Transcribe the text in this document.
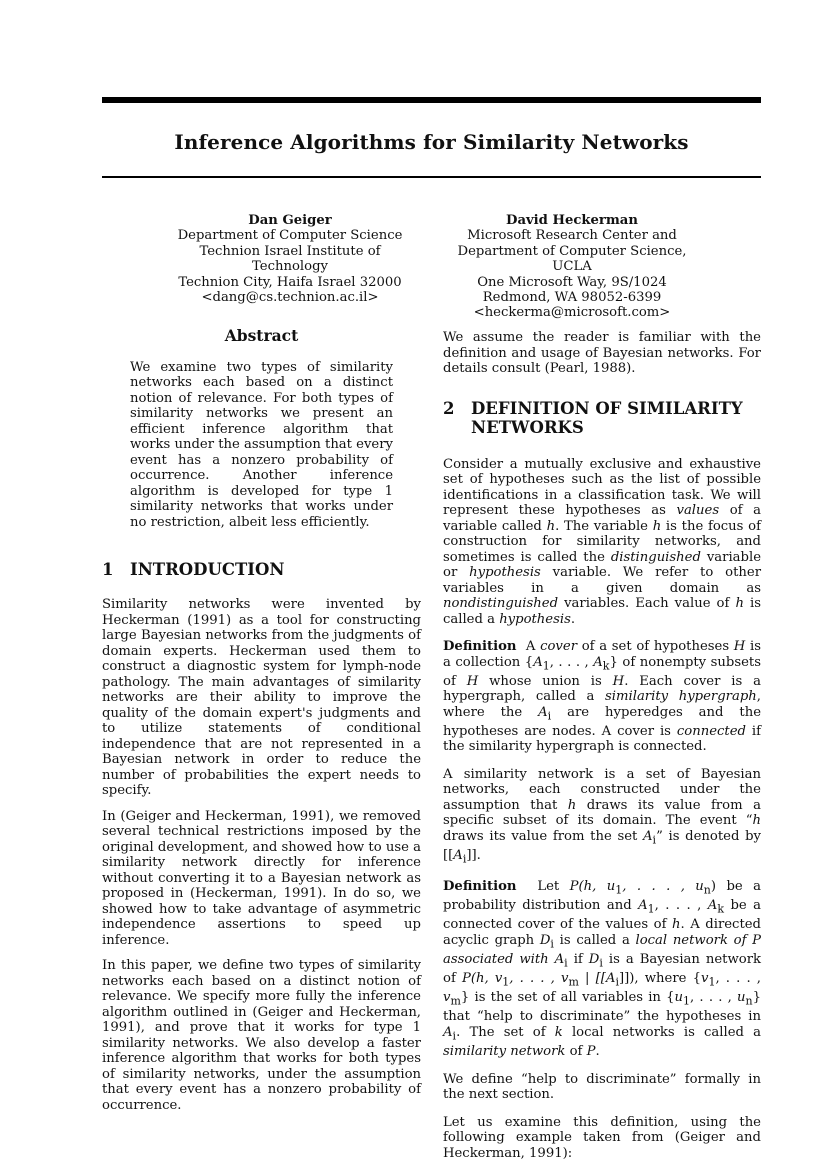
Inference Algorithms for Similarity Networks
Dan Geiger
Department of Computer Science
Technion Israel Institute of Technology
Technion City, Haifa Israel 32000
<dang@cs.technion.ac.il>
David Heckerman
Microsoft Research Center and
Department of Computer Science, UCLA
One Microsoft Way, 9S/1024
Redmond, WA 98052-6399
<heckerma@microsoft.com>
Abstract

We examine two types of similarity networks each based on a distinct notion of relevance. For both types of similarity networks we present an efficient inference algorithm that works under the assumption that every event has a nonzero probability of occurrence. Another inference algorithm is developed for type 1 similarity networks that works under no restriction, albeit less efficiently.

1	INTRODUCTION

Similarity networks were invented by Heckerman (1991) as a tool for constructing large Bayesian networks from the judgments of domain experts. Heckerman used them to construct a diagnostic system for lymph-node pathology. The main advantages of similarity networks are their ability to improve the quality of the domain expert's judgments and to utilize statements of conditional independence that are not represented in a Bayesian network in order to reduce the number of probabilities the expert needs to specify.

In (Geiger and Heckerman, 1991), we removed several technical restrictions imposed by the original development, and showed how to use a similarity network directly for inference without converting it to a Bayesian network as proposed in (Heckerman, 1991). In do so, we showed how to take advantage of asymmetric independence assertions to speed up inference.

In this paper, we define two types of similarity networks each based on a distinct notion of relevance. We specify more fully the inference algorithm outlined in (Geiger and Heckerman, 1991), and prove that it works for type 1 similarity networks. We also develop a faster inference algorithm that works for both types of similarity networks, under the assumption that every event has a nonzero probability of occurrence.

We assume the reader is familiar with the definition and usage of Bayesian networks. For details consult (Pearl, 1988).

2	DEFINITION OF SIMILARITY
NETWORKS

Consider a mutually exclusive and exhaustive set of hypotheses such as the list of possible identifications in a classification task. We will represent these hypotheses as values of a variable called h. The variable h is the focus of construction for similarity networks, and sometimes is called the distinguished variable or hypothesis variable. We refer to other variables in a given domain as nondistinguished variables. Each value of h is called a hypothesis.

Definition A cover of a set of hypotheses H is a collection {$A_1$, . . . , $A_k$} of nonempty subsets of H whose union is H. Each cover is a hypergraph, called a similarity hypergraph, where the $A_i$ are hyperedges and the hypotheses are nodes. A cover is connected if the similarity hypergraph is connected.

A similarity network is a set of Bayesian networks, each constructed under the assumption that h draws its value from a specific subset of its domain. The event “h draws its value from the set $A_i$” is denoted by $[[A_i]]$.

Definition Let P(h, $u_1$, . . . , $u_n$) be a probability distribution and $A_1$, . . . , $A_k$ be a connected cover of the values of h. A directed acyclic graph $D_i$ is called a local network of P associated with $A_i$ if $D_i$ is a Bayesian network of P(h, $v_1$, . . . , $v_m$ | $[[A_i]]$), where {$v_1$, . . . , $v_m$} is the set of all variables in {$u_1$, . . . , $u_n$} that “help to discriminate” the hypotheses in $A_i$. The set of k local networks is called a similarity network of P.

We define “help to discriminate” formally in the next section.

Let us examine this definition, using the following example taken from (Geiger and Heckerman, 1991):
